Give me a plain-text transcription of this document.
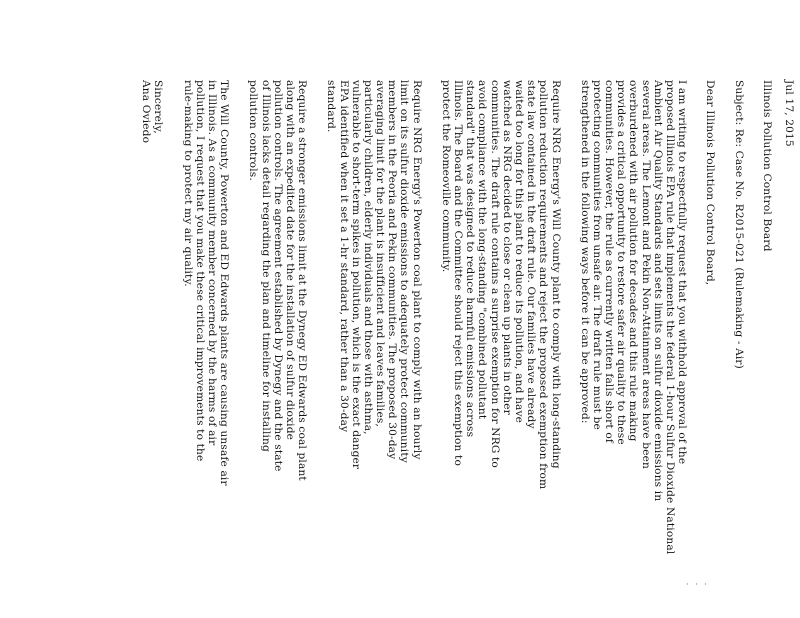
Jul 17, 2015
Illinois Pollution Control Board
Subject: Re: Case No. R2015-021 (Rulemaking - Air)
Dear Illinois Pollution Control Board,
I am writing to respectfully request that you withhold approval of the
proposed Illinois EPA rule that implements the federal 1-hour Sulfur Dioxide National
Ambient Air Quality Standards and sets limits on sulfur dioxide emissions in
several areas. The Lemont and Pekin Non-Attainment areas have been
overburdened with air pollution for decades and this rule making
provides a critical opportunity to restore safer air quality to these
communities. However, the rule as currently written falls short of
protecting communities from unsafe air. The draft rule must be
strengthened in the following ways before it can be approved:
Require NRG Energy's Will County plant to comply with long-standing
pollution reduction requirements and reject the proposed exemption from
state law contained in the draft rule. Our families have already
waited too long for this plant to reduce its pollution, and have
watched as NRG decided to close or clean up plants in other
communities. The draft rule contains a surprise exemption for NRG to
avoid compliance with the long-standing "combined pollutant
standard" that was designed to reduce harmful emissions across
Illinois. The Board and the Committee should reject this exemption to
protect the Romeoville community.
Require NRG Energy's Powerton coal plant to comply with an hourly
limit on its sulfur dioxide emissions to adequately protect community
members in the Peoria and Pekin communities. The proposed 30-day
averaging limit for the plant is insufficient and leaves families,
particularly children, elderly individuals and those with asthma,
vulnerable to short-term spikes in pollution, which is the exact danger
EPA identified when it set a 1-hr standard, rather than a 30-day
standard.
Require a stronger emissions limit at the Dynegy ED Edwards coal plant
along with an expedited date for the installation of sulfur dioxide
pollution controls. The agreement established by Dynegy and the state
of Illinois lacks detail regarding the plan and timeline for installing
pollution controls.
The Will County, Powerton and ED Edwards plants are causing unsafe air
in Illinois. As a community member concerned by the harms of air
pollution, I request that you make these critical improvements to the
rule-making to protect my air quality.
Sincerely,
Ana Oviedo
· · ·
